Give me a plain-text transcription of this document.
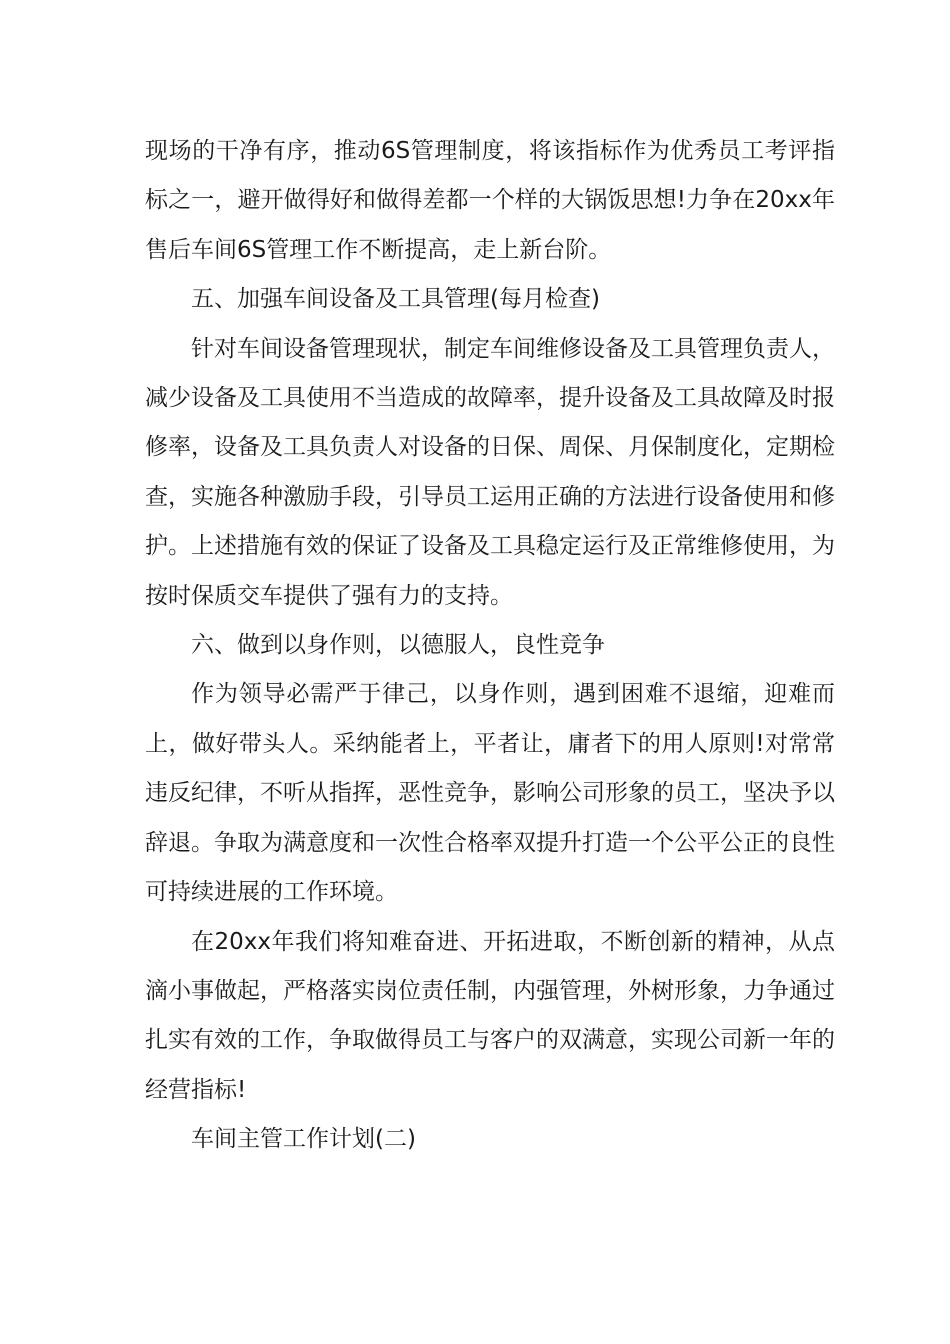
现场的干净有序，推动6S管理制度，将该指标作为优秀员工考评指标之一，避开做得好和做得差都一个样的大锅饭思想!力争在20xx年售后车间6S管理工作不断提高，走上新台阶。

五、加强车间设备及工具管理(每月检查)

针对车间设备管理现状，制定车间维修设备及工具管理负责人，减少设备及工具使用不当造成的故障率，提升设备及工具故障及时报修率，设备及工具负责人对设备的日保、周保、月保制度化，定期检查，实施各种激励手段，引导员工运用正确的方法进行设备使用和修护。上述措施有效的保证了设备及工具稳定运行及正常维修使用，为按时保质交车提供了强有力的支持。

六、做到以身作则，以德服人，良性竞争

作为领导必需严于律己，以身作则，遇到困难不退缩，迎难而上，做好带头人。采纳能者上，平者让，庸者下的用人原则!对常常违反纪律，不听从指挥，恶性竞争，影响公司形象的员工，坚决予以辞退。争取为满意度和一次性合格率双提升打造一个公平公正的良性可持续进展的工作环境。

在20xx年我们将知难奋进、开拓进取，不断创新的精神，从点滴小事做起，严格落实岗位责任制，内强管理，外树形象，力争通过扎实有效的工作，争取做得员工与客户的双满意，实现公司新一年的经营指标!

车间主管工作计划(二)
